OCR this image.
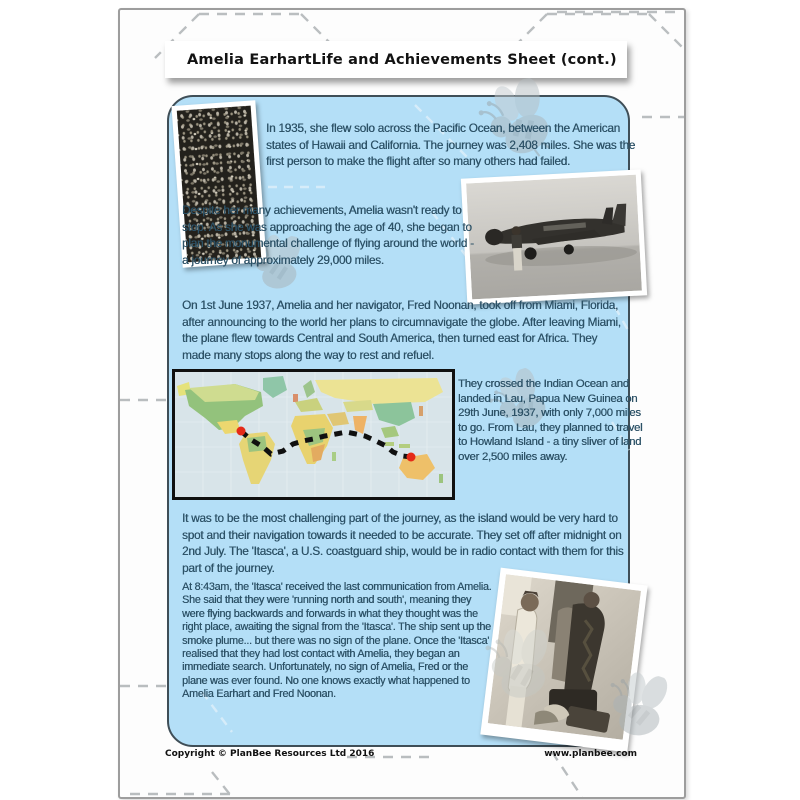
Amelia Earhart Life and Achievements Sheet (cont.)
In 1935, she flew solo across the Pacific Ocean, between the American states of Hawaii and California. The journey was 2,408 miles. She was the first person to make the flight after so many others had failed.
Despite her many achievements, Amelia wasn't ready to stop. As she was approaching the age of 40, she began to plan the monumental challenge of flying around the world - a journey of approximately 29,000 miles.
On 1st June 1937, Amelia and her navigator, Fred Noonan, took off from Miami, Florida, after announcing to the world her plans to circumnavigate the globe. After leaving Miami, the plane flew towards Central and South America, then turned east for Africa. They made many stops along the way to rest and refuel.
They crossed the Indian Ocean and landed in Lau, Papua New Guinea on 29th June, 1937, with only 7,000 miles to go. From Lau, they planned to travel to Howland Island - a tiny sliver of land over 2,500 miles away.
It was to be the most challenging part of the journey, as the island would be very hard to spot and their navigation towards it needed to be accurate. They set off after midnight on 2nd July. The 'Itasca', a U.S. coastguard ship, would be in radio contact with them for this part of the journey.
At 8:43am, the 'Itasca' received the last communication from Amelia. She said that they were 'running north and south', meaning they were flying backwards and forwards in what they thought was the right place, awaiting the signal from the 'Itasca'. The ship sent up the smoke plume... but there was no sign of the plane. Once the 'Itasca' realised that they had lost contact with Amelia, they began an immediate search. Unfortunately, no sign of Amelia, Fred or the plane was ever found. No one knows exactly what happened to Amelia Earhart and Fred Noonan.
Copyright © PlanBee Resources Ltd 2016	www.planbee.com
